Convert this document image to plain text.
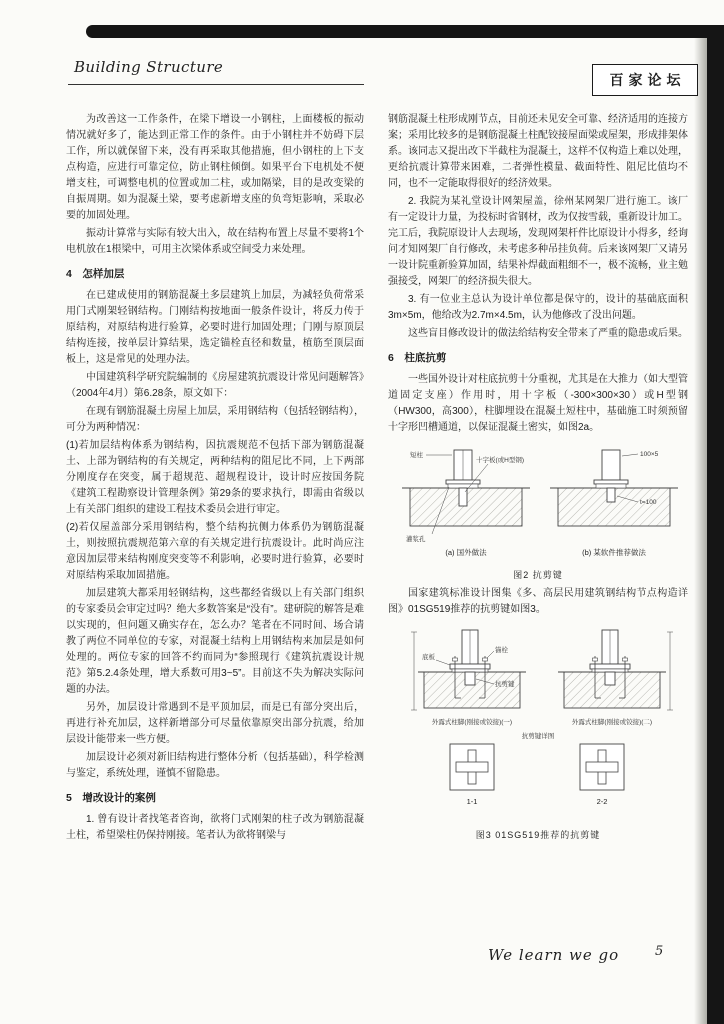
Building Structure
百家论坛

为改善这一工作条件，在梁下增设一小钢柱，上面楼板的振动情况就好多了，能达到正常工作的条件。由于小钢柱并不妨碍下层工作，所以就保留下来，没有再采取其他措施，但小钢柱的上下支点构造，应进行可靠定位，防止钢柱倾倒。如果平台下电机处不便增支柱，可调整电机的位置或加二柱，或加隔梁，目的是改变梁的自振周期。如为混凝土梁，要考虑新增支座的负弯矩影响，采取必要的加固处理。

振动计算常与实际有较大出入，故在结构布置上尽量不要将1个电机放在1根梁中，可用主次梁体系或空间受力来处理。

4　怎样加层

在已建成使用的钢筋混凝土多层建筑上加层，为减轻负荷常采用门式刚架轻钢结构。门刚结构按地面一般条件设计，将反力传于原结构，对原结构进行验算，必要时进行加固处理；门刚与原顶层结构连接，按单层计算结果，选定锚栓直径和数量，植筋至顶层面板上，这是常见的处理办法。

中国建筑科学研究院编制的《房屋建筑抗震设计常见问题解答》（2004年4月）第6.28条，原文如下：

在现有钢筋混凝土房屋上加层，采用钢结构（包括轻钢结构），可分为两种情况：

(1)若加层结构体系为钢结构，因抗震规范不包括下部为钢筋混凝土、上部为钢结构的有关规定，两种结构的阻尼比不同，上下两部分刚度存在突变，属于超规范、超规程设计，设计时应按国务院《建筑工程勘察设计管理条例》第29条的要求执行，即需由省级以上有关部门组织的建设工程技术委员会进行审定。

(2)若仅屋盖部分采用钢结构，整个结构抗侧力体系仍为钢筋混凝土，则按照抗震规范第六章的有关规定进行抗震设计。此时尚应注意因加层带来结构刚度突变等不利影响，必要时进行验算，必要时对原结构采取加固措施。

加层建筑大都采用轻钢结构，这些都经省级以上有关部门组织的专家委员会审定过吗？绝大多数答案是“没有”。建研院的解答是难以实现的，但问题又确实存在，怎么办？笔者在不同时间、场合请教了两位不同单位的专家，对混凝土结构上用钢结构来加层是如何处理的。两位专家的回答不约而同为“参照现行《建筑抗震设计规范》第5.2.4条处理，增大系数可用3~5”。目前这不失为解决实际问题的办法。

另外，加层设计常遇到不是平顶加层，而是已有部分突出后，再进行补充加层，这样新增部分可尽量依靠原突出部分抗震，给加层设计能带来一些方便。

加层设计必须对新旧结构进行整体分析（包括基础），科学检测与鉴定，系统处理，谨慎不留隐患。

5　增改设计的案例

1. 曾有设计者找笔者咨询，欲将门式刚架的柱子改为钢筋混凝土柱，希望梁柱仍保持刚接。笔者认为欲将钢梁与

钢筋混凝土柱形成刚节点，目前还未见安全可靠、经济适用的连接方案；采用比较多的是钢筋混凝土柱配铰接屋面梁或屋架，形成排架体系。该同志又提出改下半截柱为混凝土，这样不仅构造上难以处理，更给抗震计算带来困难，二者弹性模量、截面特性、阻尼比值均不同，也不一定能取得很好的经济效果。

2. 我院为某礼堂设计网架屋盖，徐州某网架厂进行施工。该厂有一定设计力量，为投标时省钢材，改为仅按雪载，重新设计加工。完工后，我院原设计人去现场，发现网架杆件比原设计小得多，经询问才知网架厂自行修改，未考虑多种吊挂负荷。后来该网架厂又请另一设计院重新验算加固，结果补焊截面粗细不一，极不流畅，业主勉强接受，网架厂的经济损失很大。

3. 有一位业主总认为设计单位都是保守的，设计的基础底面积3m×5m，他给改为2.7m×4.5m，认为他修改了没出问题。

这些盲目修改设计的做法给结构安全带来了严重的隐患或后果。

6　柱底抗剪

一些国外设计对柱底抗剪十分重视，尤其是在大推力（如大型管道固定支座）作用时，用十字板（-300×300×30）或H型钢（HW300，高300），柱脚埋设在混凝土短柱中，基础施工时须预留十字形凹槽通道，以保证混凝土密实，如图2a。

短柱
十字板(或H型钢)
灌浆孔
(a) 国外做法
100×5
t=100
(b) 某软件推荐做法
图2 抗剪键

国家建筑标准设计图集《多、高层民用建筑钢结构节点构造详图》01SG519推荐的抗剪键如图3。

锚栓
抗剪键
底板
外露式柱脚(刚接或铰接)(一)	外露式柱脚(刚接或铰接)(二)
抗剪键详图
1-1	2-2
图3 01SG519推荐的抗剪键
We learn we go	5
